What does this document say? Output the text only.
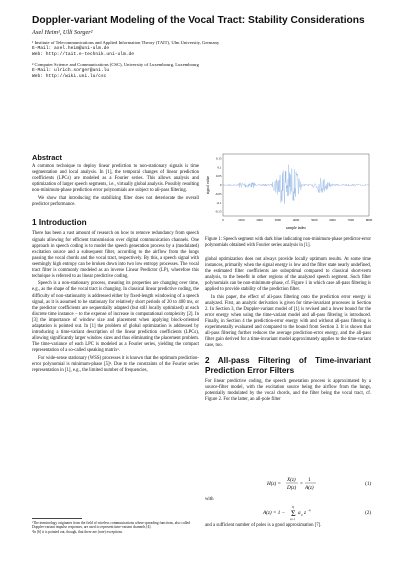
Doppler-variant Modeling of the Vocal Tract: Stability Considerations
Axel Heim¹, Ulli Sorger²
¹ Institute of Telecommunications and Applied Information Theory (TAIT), Ulm University, Germany
E-Mail: axel.heim@uni-ulm.de
Web: http://tait.e-technik.uni-ulm.de
² Computer Science and Communications (CSC), University of Luxembourg, Luxembourg
E-Mail: ulrich.sorger@uni.lu
Web: http://wiki.uni.lu/csc
Abstract

A common technique to deploy linear prediction to non-stationary signals is time segmentation and local analysis. In [1], the temporal changes of linear prediction coefficients (LPCs) are modeled as a Fourier series. This allows analysis and optimization of larger speech segments, i.e., virtually global analysis. Possibly resulting non-minimum-phase prediction error polynomials are subject to all-pass filtering.

We show that introducing the stabilizing filter does not deteriorate the overall predictor performance.

1 Introduction

There has been a vast amount of research on how to remove redundancy from speech signals allowing for efficient transmission over digital communication channels. One approach in speech coding is to model the speech generation process by a (modulated) excitation source and a subsequent filter, according to the airflow from the lungs passing the vocal chords and the vocal tract, respectively. By this, a speech signal with seemingly high entropy can be broken down into two low entropy processes. The vocal tract filter is commonly modeled as an inverse Linear Predictor (LP), wherefore this technique is referred to as linear predictive coding.

Speech is a non-stationary process, meaning its properties are changing over time, e.g., as the shape of the vocal tract is changing. In classical linear predictive coding, the difficulty of non-stationarity is addressed either by fixed-length windowing of a speech signal, as it is assumed to be stationary for relatively short periods of 20 to 400 ms, or the predictor coefficients are sequentially adapted (but still locally optimized) at each discrete time instance – to the expense of increase in computational complexity [2]. In [3] the importance of window size and placement when applying block-oriented adaptation is pointed out. In [1] the problem of global optimization is addressed by introducing a time-variant description of the linear prediction coefficients (LPCs), allowing significantly larger window sizes and thus eliminating the placement problem. The time-variance of each LPC is modeled as a Fourier series, yielding the compact representation of a so-called speaking matrix¹.

For wide-sense stationary (WSS) processes it is known that the optimum prediction-error polynomial is minimum-phase [5]². Due to the constraints of the Fourier series representation in [1], e.g., the limited number of frequencies,

¹The terminology originates from the field of wireless communications where spreading functions, also called Doppler-variant impulse responses, are used to represent time-variant channels [4].
²In [6] it is pointed out, though, that there are (rare) exceptions.
signal value
sample index
0.15
0.1
0.05
0
-0.05
-0.1
-0.15
0	1000	2000	3000	4000	5000	6000	7000	8000
Figure 1: Speech segment with dark blue indicating non-minimum-phase predictor-error polynomials obtained with Fourier series analysis in [1].

global optimization does not always provide locally optimum results. At some time instances, primarily when the signal energy is low and the filter state nearly undefined, the estimated filter coefficients are suboptimal compared to classical short-term analysis, to the benefit in other regions of the analyzed speech segment. Such filter polynomials can be non-minimum-phase, cf. Figure 1 in which case all-pass filtering is applied to provide stability of the prediction filter.

In this paper, the effect of all-pass filtering onto the prediction error energy is analyzed. First, an analytic derivation is given for time-invariant processes in Section 2. In Section 3, the Doppler-variant model of [1] is revised and a lower bound for the error energy when using the time-variant model and all-pass filtering is introduced. Finally, in Section 4 the prediction-error energy with and without all-pass filtering is experimentally evaluated and compared to the bound from Section 3. It is shown that all-pass filtering further reduces the average prediction-error energy, and the all-pass filter gain derived for a time-invariant model approximately applies to the time-variant case, too.

2 All-pass Filtering of Time-invariant Prediction Error Filters

For linear predictive coding, the speech generation process is approximated by a source-filter model, with the excitation source being the airflow from the lungs, potentially modulated by the vocal chords, and the filter being the vocal tract, cf. Figure 2. For the latter, an all-pole filter

H(z) =
X(z)
D(z)
=
1
A(z)
(1)
with
A(z) = 1 − Σ
Q
q=1
a q z −q
(2)
and a sufficient number of poles is a good approximation [7].
